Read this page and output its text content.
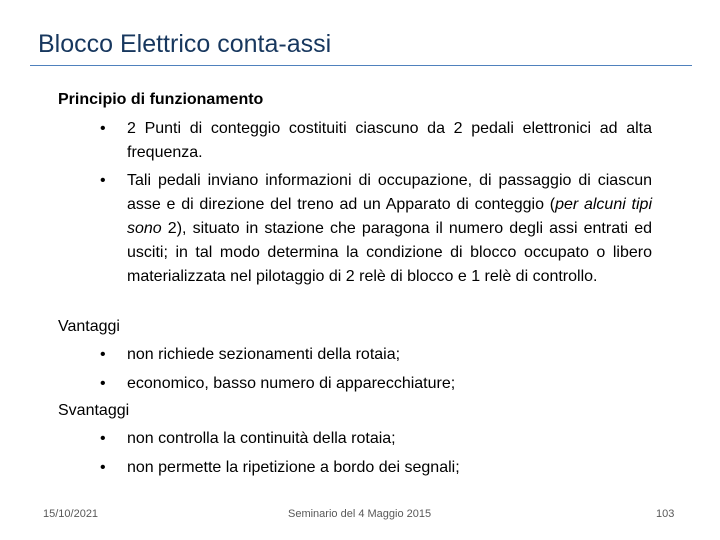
Blocco Elettrico conta-assi
Principio di funzionamento
• 2 Punti di conteggio costituiti ciascuno da 2 pedali elettronici ad alta frequenza.
• Tali pedali inviano informazioni di occupazione, di passaggio di ciascun asse e di direzione del treno ad un Apparato di conteggio (per alcuni tipi sono 2), situato in stazione che paragona il numero degli assi entrati ed usciti; in tal modo determina la condizione di blocco occupato o libero materializzata nel pilotaggio di 2 relè di blocco e 1 relè di controllo.
Vantaggi
• non richiede sezionamenti della rotaia;
• economico, basso numero di apparecchiature;
Svantaggi
• non controlla la continuità della rotaia;
• non permette la ripetizione a bordo dei segnali;
15/10/2021	Seminario del 4 Maggio 2015	103
